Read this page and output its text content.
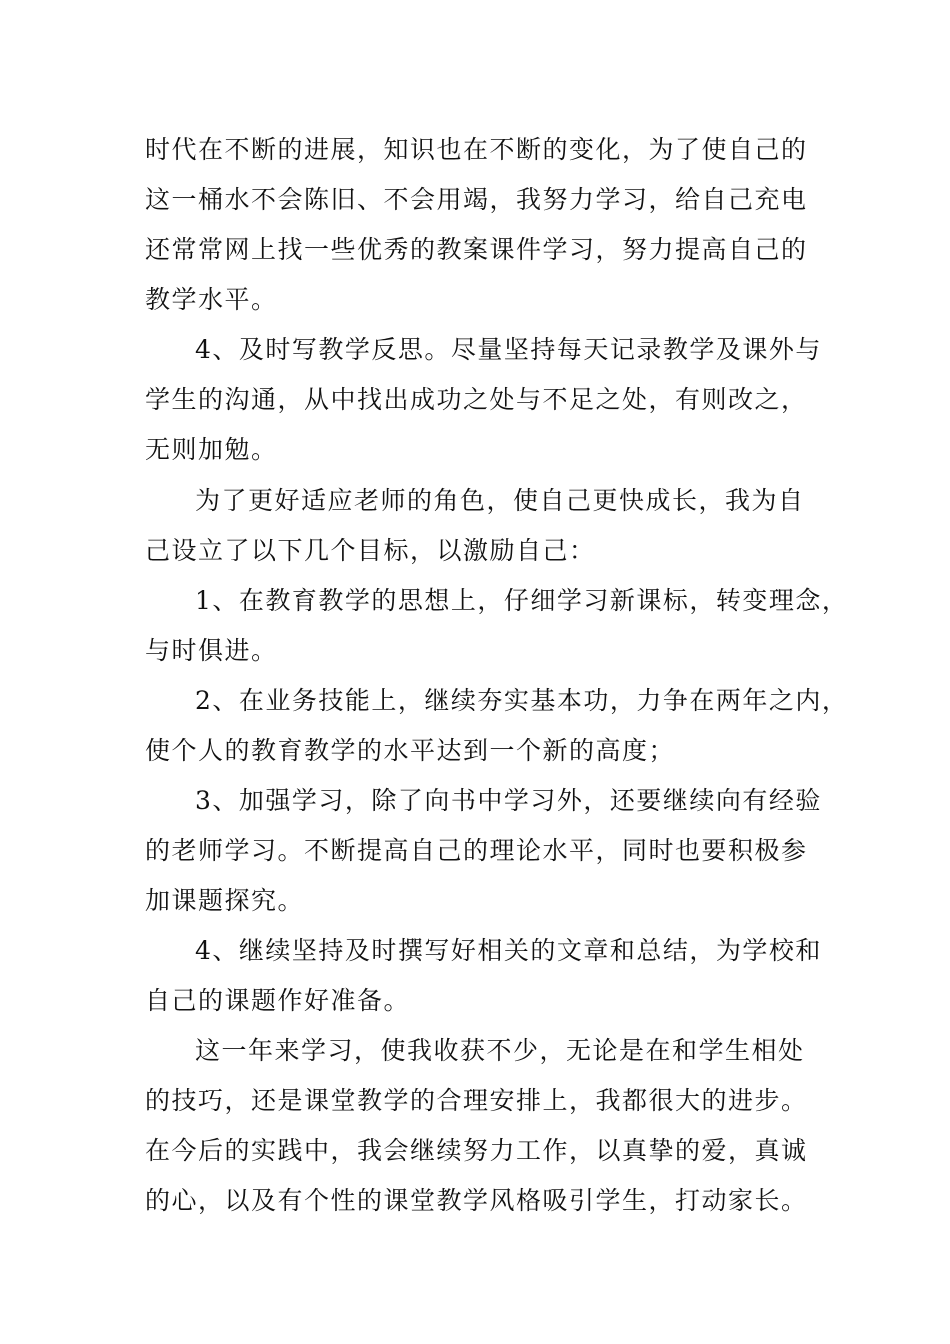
时代在不断的进展，知识也在不断的变化，为了使自己的

这一桶水不会陈旧、不会用竭，我努力学习，给自己充电

还常常网上找一些优秀的教案课件学习，努力提高自己的

教学水平。

4、及时写教学反思。尽量坚持每天记录教学及课外与

学生的沟通，从中找出成功之处与不足之处，有则改之，

无则加勉。

为了更好适应老师的角色，使自己更快成长，我为自

己设立了以下几个目标，以激励自己：

1、在教育教学的思想上，仔细学习新课标，转变理念，

与时俱进。

2、在业务技能上，继续夯实基本功，力争在两年之内，

使个人的教育教学的水平达到一个新的高度；

3、加强学习，除了向书中学习外，还要继续向有经验

的老师学习。不断提高自己的理论水平，同时也要积极参

加课题探究。

4、继续坚持及时撰写好相关的文章和总结，为学校和

自己的课题作好准备。

这一年来学习，使我收获不少，无论是在和学生相处

的技巧，还是课堂教学的合理安排上，我都很大的进步。

在今后的实践中，我会继续努力工作，以真挚的爱，真诚

的心，以及有个性的课堂教学风格吸引学生，打动家长。
